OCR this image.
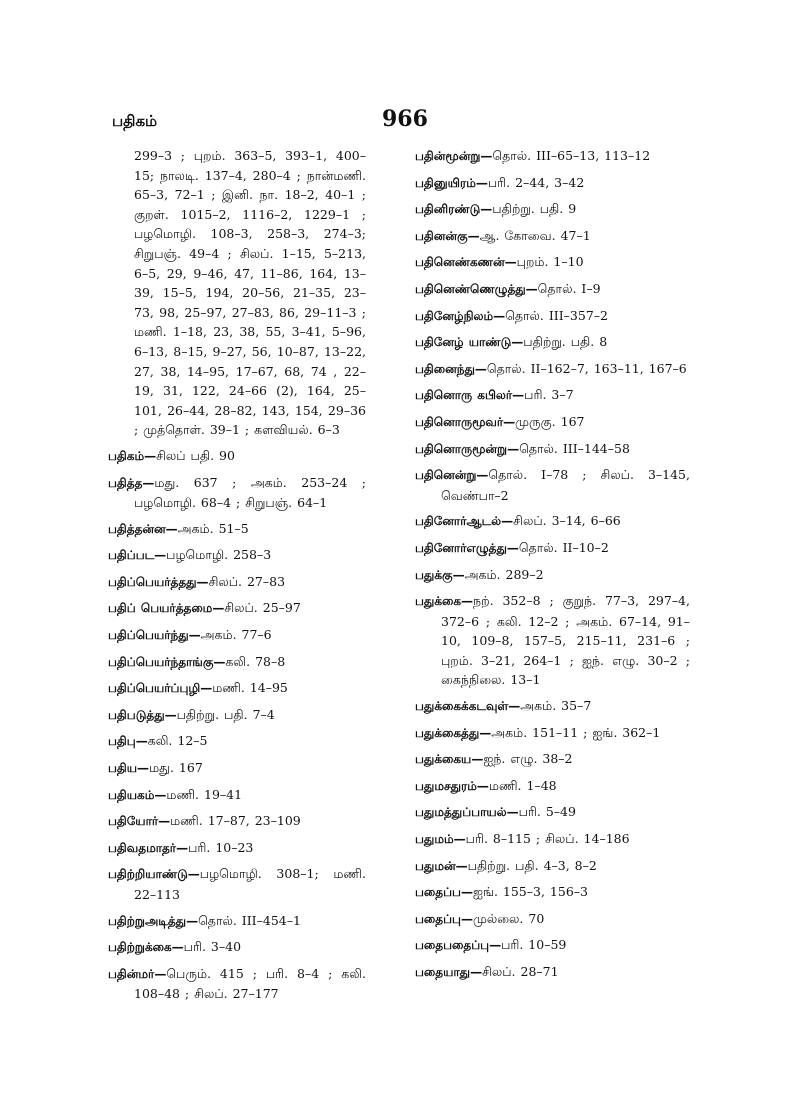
பதிகம்	966

299–3 ; புறம். 363–5, 393–1, 400–15; நாலடி. 137–4, 280–4 ; நான்மணி. 65–3, 72–1 ; இனி. நா. 18–2, 40–1 ; குறள். 1015–2, 1116–2, 1229–1 ; பழமொழி. 108–3, 258–3, 274–3; சிறுபஞ். 49–4 ; சிலப். 1–15, 5–213, 6–5, 29, 9–46, 47, 11–86, 164, 13–39, 15–5, 194, 20–56, 21–35, 23–73, 98, 25–97, 27–83, 86, 29–11–3 ; மணி. 1–18, 23, 38, 55, 3–41, 5–96, 6–13, 8–15, 9–27, 56, 10–87, 13–22, 27, 38, 14–95, 17–67, 68, 74 , 22–19, 31, 122, 24–66 (2), 164, 25–101, 26–44, 28–82, 143, 154, 29–36 ; முத்தொள். 39–1 ; களவியல். 6–3

பதிகம்—சிலப் பதி. 90

பதித்த—மது. 637 ; அகம். 253–24 ; பழமொழி. 68–4 ; சிறுபஞ். 64–1

பதித்தன்ன—அகம். 51–5

பதிப்பட—பழமொழி. 258–3

பதிப்பெயர்த்தது—சிலப். 27–83

பதிப் பெயர்த்தமை—சிலப். 25–97

பதிப்பெயர்ந்து—அகம். 77–6

பதிப்பெயர்ந்தாங்கு—கலி. 78–8

பதிப்பெயர்ப்புழி—மணி. 14–95

பதிபடுத்து—பதிற்று. பதி. 7–4

பதிபு—கலி. 12–5

பதிய—மது. 167

பதியகம்—மணி. 19–41

பதியோர்—மணி. 17–87, 23–109

பதிவதமாதர்—பரி. 10–23

பதிற்றியாண்டு—பழமொழி. 308–1; மணி. 22–113

பதிற்றுஅடித்து—தொல். III–454–1

பதிற்றுக்கை—பரி. 3–40

பதின்மர்—பெரும். 415 ; பரி. 8–4 ; கலி. 108–48 ; சிலப். 27–177

பதின்மூன்று—தொல். III–65–13, 113–12

பதினுயிரம்—பரி. 2–44, 3–42

பதினிரண்டு—பதிற்று. பதி. 9

பதினன்கு—ஆ. கோவை. 47–1

பதினெண்கணன்—புறம். 1–10

பதினெண்ணெழுத்து—தொல். I–9

பதினேழ்நிலம்—தொல். III–357–2

பதினேழ் யாண்டு—பதிற்று. பதி. 8

பதினைந்து—தொல். II–162–7, 163–11, 167–6

பதினொரு கபிலர்—பரி. 3–7

பதினொருமூவர்—முருகு. 167

பதினொருமூன்று—தொல். III–144–58

பதினென்று—தொல். I–78 ; சிலப். 3–145, வெண்பா–2

பதினோர்ஆடல்—சிலப். 3–14, 6–66

பதினோர்எழுத்து—தொல். II–10–2

பதுக்கு—அகம். 289–2

பதுக்கை—நற். 352–8 ; குறுந். 77–3, 297–4, 372–6 ; கலி. 12–2 ; அகம். 67–14, 91–10, 109–8, 157–5, 215–11, 231–6 ; புறம். 3–21, 264–1 ; ஐந். எழு. 30–2 ; கைந்நிலை. 13–1

பதுக்கைக்கடவுள்—அகம். 35–7

பதுக்கைத்து—அகம். 151–11 ; ஐங். 362–1

பதுக்கைய—ஐந். எழு. 38–2

பதுமசதுரம்—மணி. 1–48

பதுமத்துப்பாயல்—பரி. 5–49

பதுமம்—பரி. 8–115 ; சிலப். 14–186

பதுமன்—பதிற்று. பதி. 4–3, 8–2

பதைப்ப—ஐங். 155–3, 156–3

பதைப்பு—முல்லை. 70

பதைபதைப்பு—பரி. 10–59

பதையாது—சிலப். 28–71
